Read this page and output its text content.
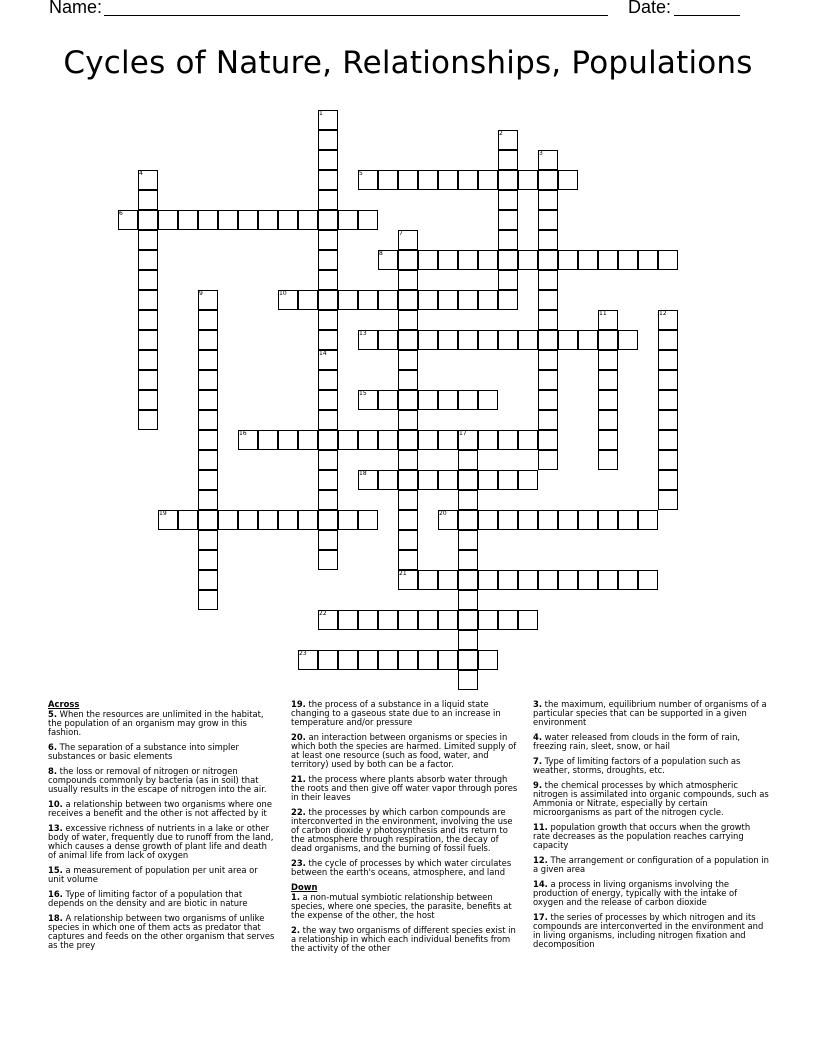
Name:	Date:
Cycles of Nature, Relationships, Populations
1
2
3
4	5
6
7
8
9	10
11	12
13
14
15
16	17
18
19	20
21
22
23
Across
5. When the resources are unlimited in the habitat, the population of an organism may grow in this fashion.
6. The separation of a substance into simpler substances or basic elements
8. the loss or removal of nitrogen or nitrogen compounds commonly by bacteria (as in soil) that usually results in the escape of nitrogen into the air.
10. a relationship between two organisms where one receives a benefit and the other is not affected by it
13. excessive richness of nutrients in a lake or other body of water, frequently due to runoff from the land, which causes a dense growth of plant life and death of animal life from lack of oxygen
15. a measurement of population per unit area or unit volume
16. Type of limiting factor of a population that depends on the density and are biotic in nature
18. A relationship between two organisms of unlike species in which one of them acts as predator that captures and feeds on the other organism that serves as the prey
19. the process of a substance in a liquid state changing to a gaseous state due to an increase in temperature and/or pressure
20. an interaction between organisms or species in which both the species are harmed. Limited supply of at least one resource (such as food, water, and territory) used by both can be a factor.
21. the process where plants absorb water through the roots and then give off water vapor through pores in their leaves
22. the processes by which carbon compounds are interconverted in the environment, involving the use of carbon dioxide y photosynthesis and its return to the atmosphere through respiration, the decay of dead organisms, and the burning of fossil fuels.
23. the cycle of processes by which water circulates between the earth's oceans, atmosphere, and land
Down
1. a non-mutual symbiotic relationship between species, where one species, the parasite, benefits at the expense of the other, the host
2. the way two organisms of different species exist in a relationship in which each individual benefits from the activity of the other
3. the maximum, equilibrium number of organisms of a particular species that can be supported in a given environment
4. water released from clouds in the form of rain, freezing rain, sleet, snow, or hail
7. Type of limiting factors of a population such as weather, storms, droughts, etc.
9. the chemical processes by which atmospheric nitrogen is assimilated into organic compounds, such as Ammonia or Nitrate, especially by certain microorganisms as part of the nitrogen cycle.
11. population growth that occurs when the growth rate decreases as the population reaches carrying capacity
12. The arrangement or configuration of a population in a given area
14. a process in living organisms involving the production of energy, typically with the intake of oxygen and the release of carbon dioxide
17. the series of processes by which nitrogen and its compounds are interconverted in the environment and in living organisms, including nitrogen fixation and decomposition
